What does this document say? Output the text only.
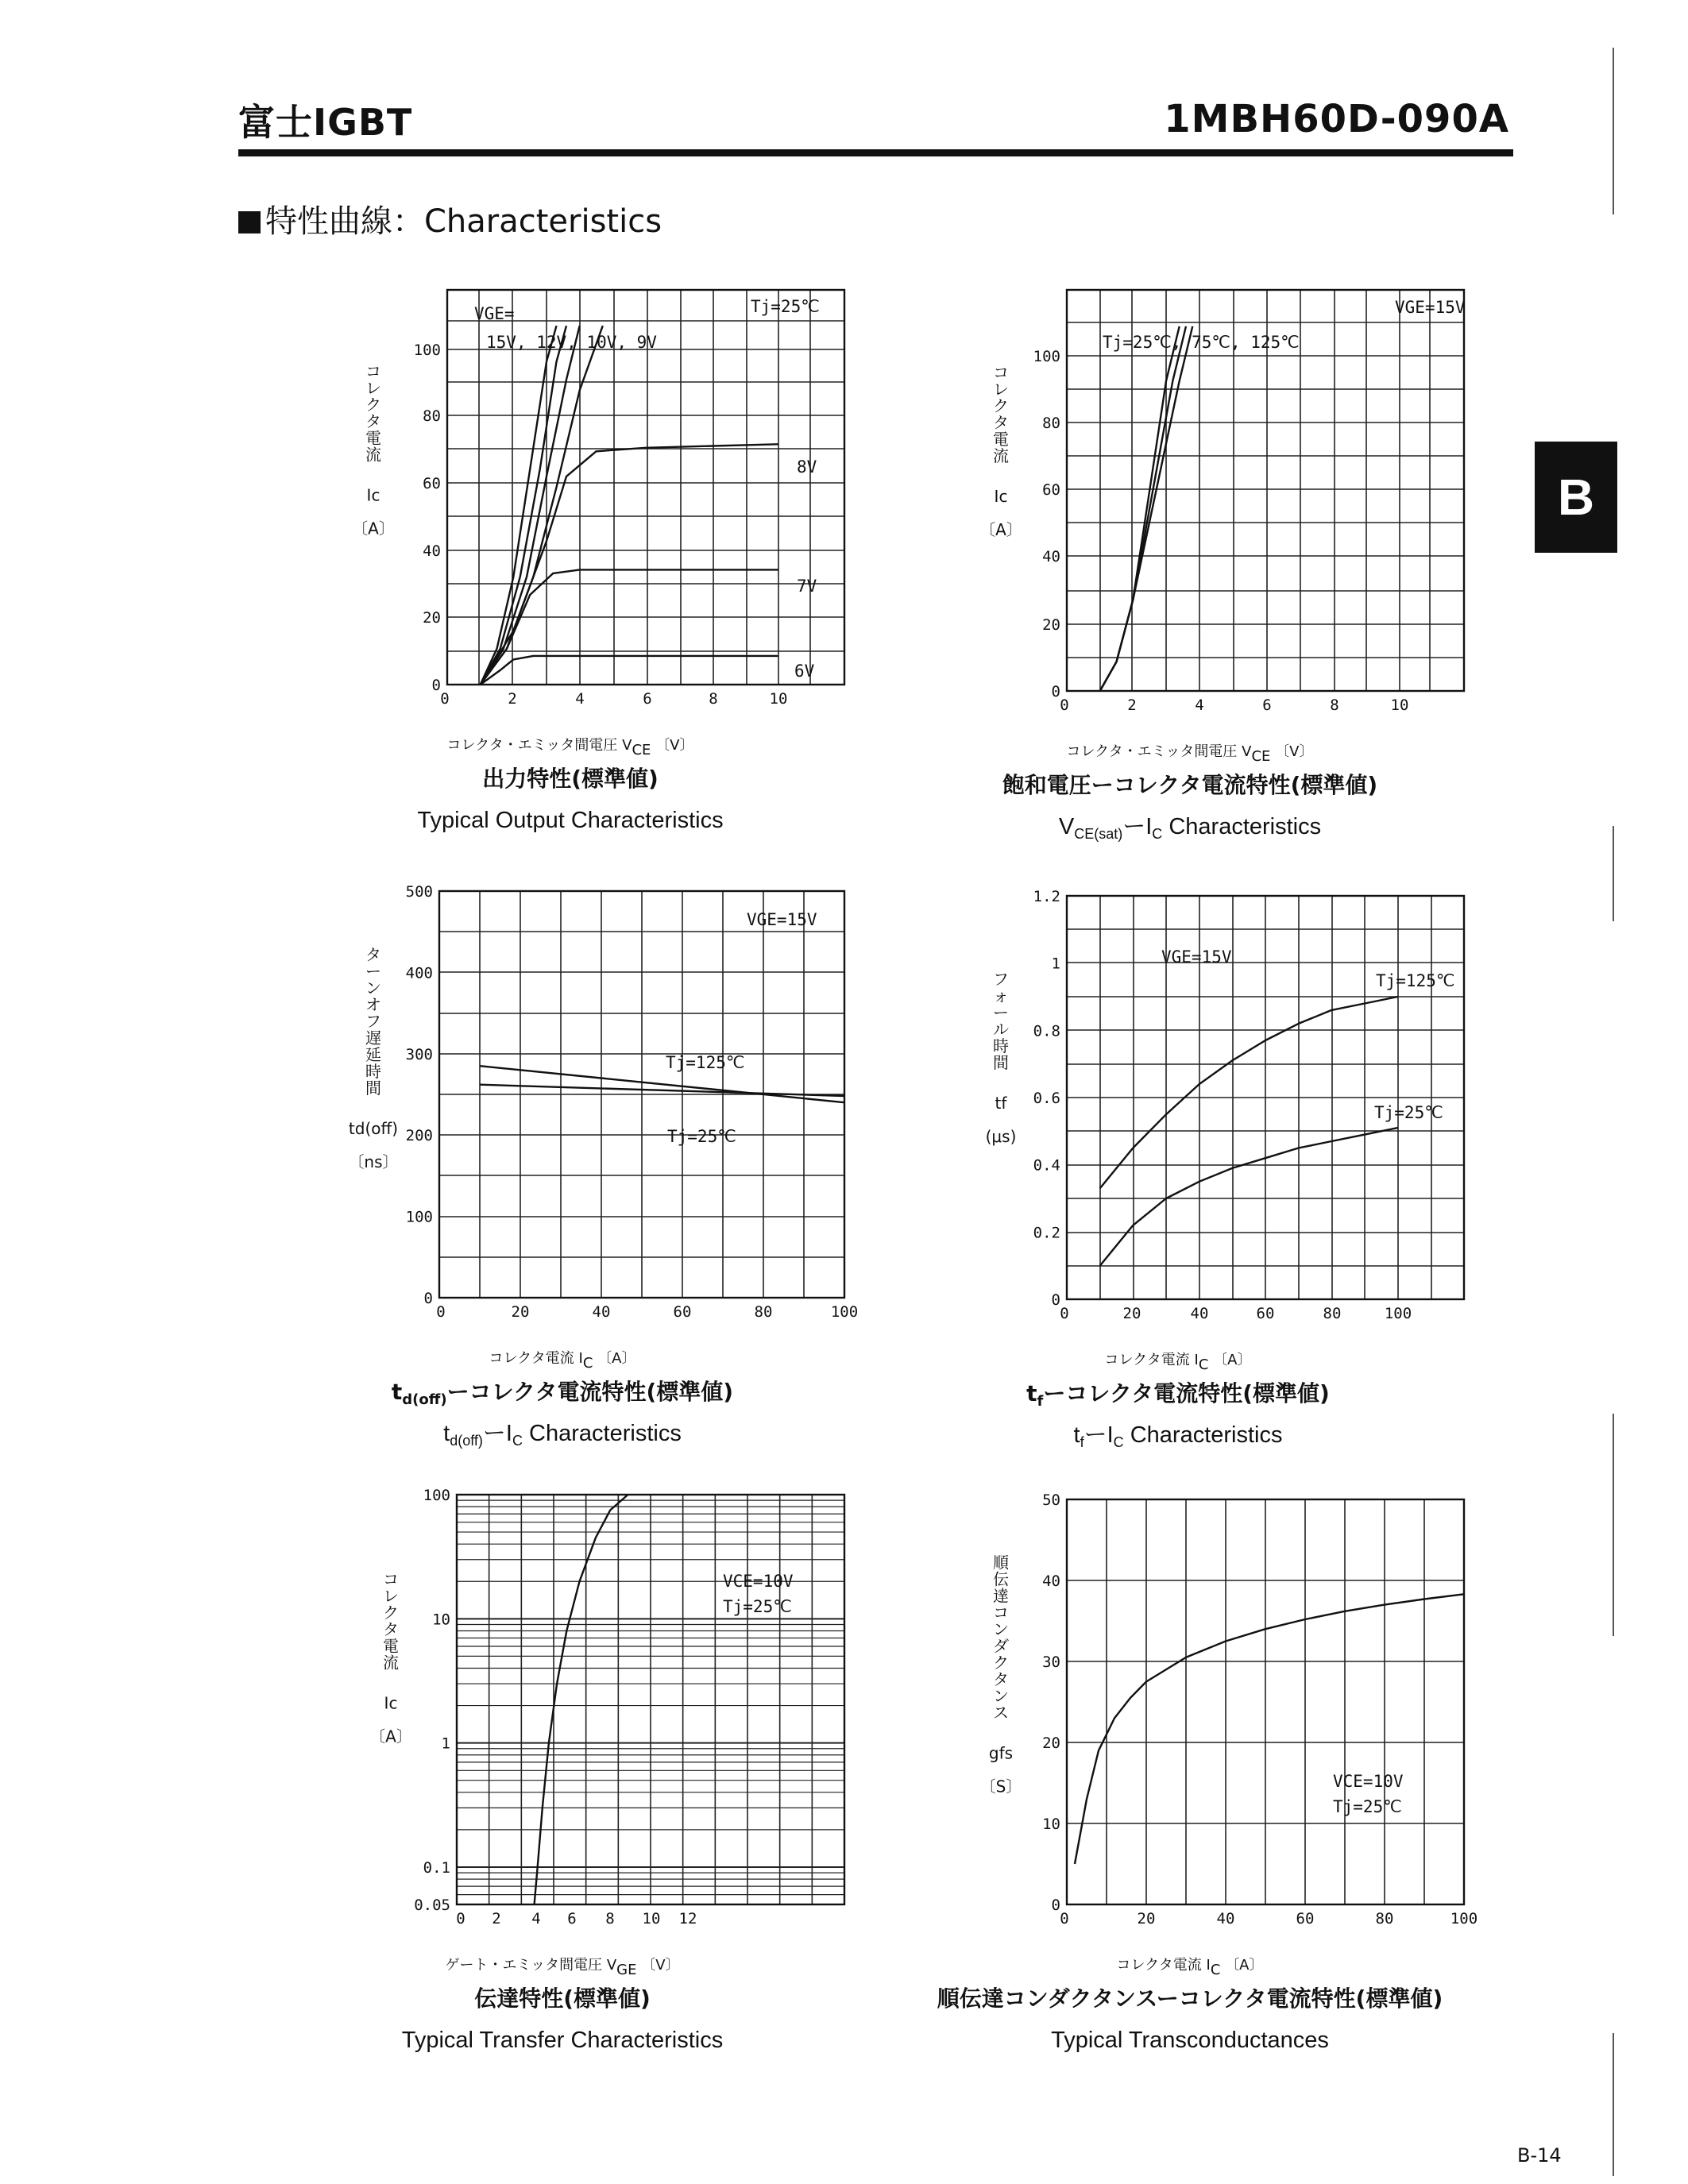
富士IGBT	1MBH60D-090A
特性曲線：Characteristics
B
B-14
0	2	4	6	8	10
0
20
40
60
80
100
コ
レ
ク
タ
電
流
Ic
〔A〕
コレクタ・エミッタ間電圧 VCE 〔V〕
出力特性(標準値)
Typical Output Characteristics
0	2	4	6	8	10
0
20
40
60
80
100
コ
レ
ク
タ
電
流
Ic
〔A〕
コレクタ・エミッタ間電圧 VCE 〔V〕
飽和電圧ーコレクタ電流特性(標準値)
$V_{CE(sat)}$ー$I_C$ Characteristics
0	20	40	60	80	100
0
100
200
300
400
500
タ
ー
ン
オ
フ
遅
延
時
間
td(off)
〔ns〕
コレクタ電流 IC 〔A〕
$t_{d(off)}$ーコレクタ電流特性(標準値)
$t_{d(off)}$ー$I_C$ Characteristics
0	20	40	60	80	100
0
0.2
0.4
0.6
0.8
1
1.2
フ
ォ
ー
ル
時
間
tf
(μs)
コレクタ電流 IC 〔A〕
$t_f$ーコレクタ電流特性(標準値)
$t_f$ー$I_C$ Characteristics
0 2 4 6 8 10 12
0.05
0.1
1
10
100
コ
レ
ク
タ
電
流
Ic
〔A〕
ゲート・エミッタ間電圧 VGE 〔V〕
伝達特性(標準値)
Typical Transfer Characteristics
0	20	40	60	80	100
0
10
20
30
40
50
順
伝
達
コ
ン
ダ
ク
タ
ン
ス
gfs
〔S〕
コレクタ電流 IC 〔A〕
順伝達コンダクタンスーコレクタ電流特性(標準値)
Typical Transconductances
VGE=
15V, 12V, 10V, 9V
Tj=25℃
8V
7V
6V
VGE=15V
Tj=25℃, 75℃, 125℃
VGE=15V
Tj=125℃
Tj=25℃
VGE=15V
Tj=125℃
Tj=25℃
VCE=10V
Tj=25℃
VCE=10V
Tj=25℃
